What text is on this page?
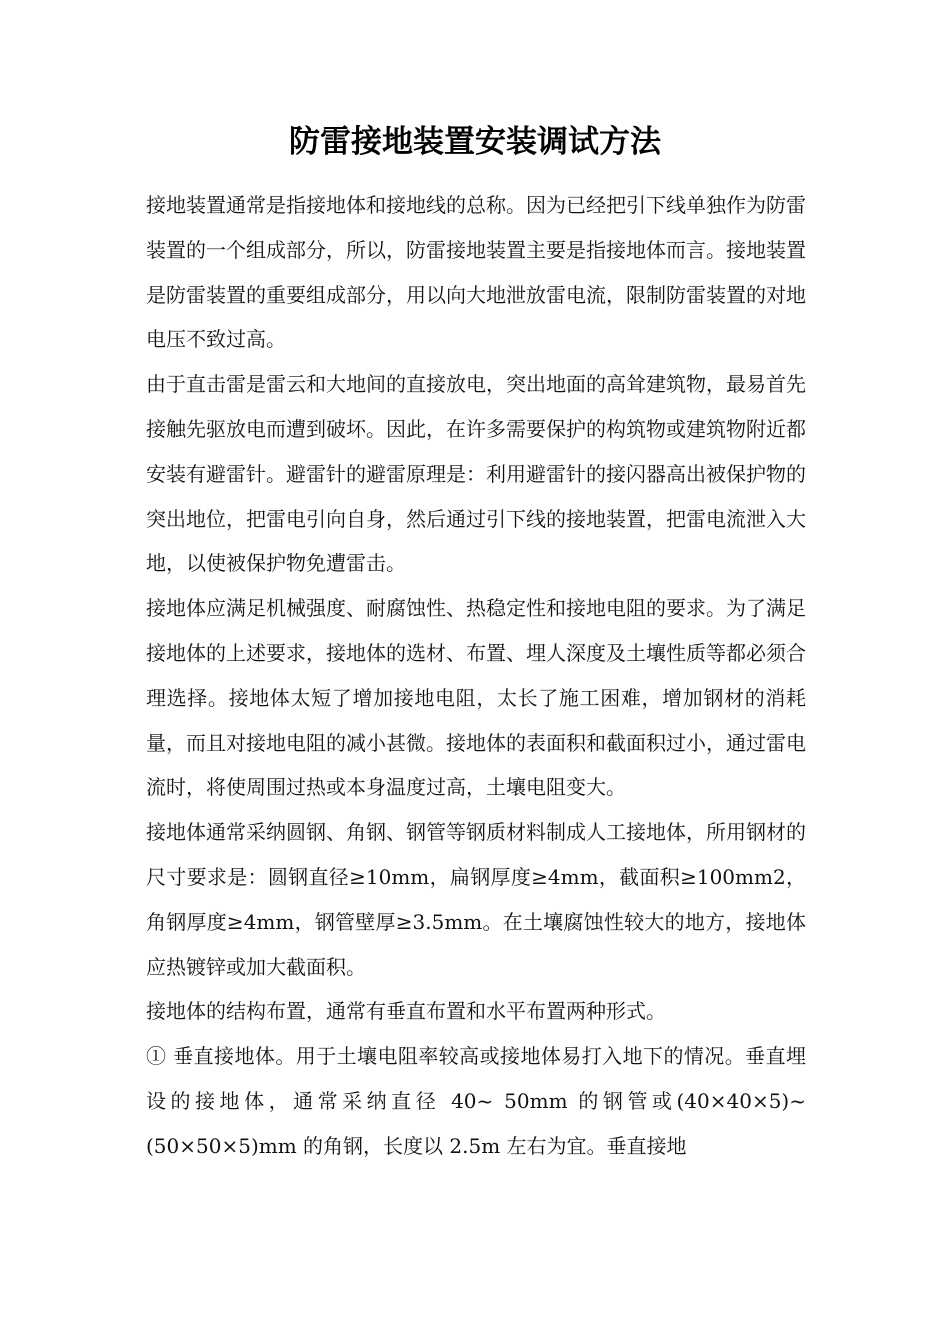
防雷接地装置安装调试方法

接地装置通常是指接地体和接地线的总称。因为已经把引下线单独作为防雷装置的一个组成部分，所以，防雷接地装置主要是指接地体而言。接地装置是防雷装置的重要组成部分，用以向大地泄放雷电流，限制防雷装置的对地电压不致过高。

由于直击雷是雷云和大地间的直接放电，突出地面的高耸建筑物，最易首先接触先驱放电而遭到破坏。因此，在许多需要保护的构筑物或建筑物附近都安装有避雷针。避雷针的避雷原理是：利用避雷针的接闪器高出被保护物的突出地位，把雷电引向自身，然后通过引下线的接地装置，把雷电流泄入大地，以使被保护物免遭雷击。

接地体应满足机械强度、耐腐蚀性、热稳定性和接地电阻的要求。为了满足接地体的上述要求，接地体的选材、布置、埋人深度及土壤性质等都必须合理选择。接地体太短了增加接地电阻，太长了施工困难，增加钢材的消耗量，而且对接地电阻的减小甚微。接地体的表面积和截面积过小，通过雷电流时，将使周围过热或本身温度过高，土壤电阻变大。

接地体通常采纳圆钢、角钢、钢管等钢质材料制成人工接地体，所用钢材的尺寸要求是：圆钢直径≥10mm，扁钢厚度≥4mm，截面积≥100mm2，角钢厚度≥4mm，钢管壁厚≥3.5mm。在土壤腐蚀性较大的地方，接地体应热镀锌或加大截面积。

接地体的结构布置，通常有垂直布置和水平布置两种形式。

① 垂直接地体。用于土壤电阻率较高或接地体易打入地下的情况。垂直埋设的接地体，通常采纳直径 40~ 50mm 的钢管或(40×40×5)~(50×50×5)mm 的角钢，长度以 2.5m 左右为宜。垂直接地
